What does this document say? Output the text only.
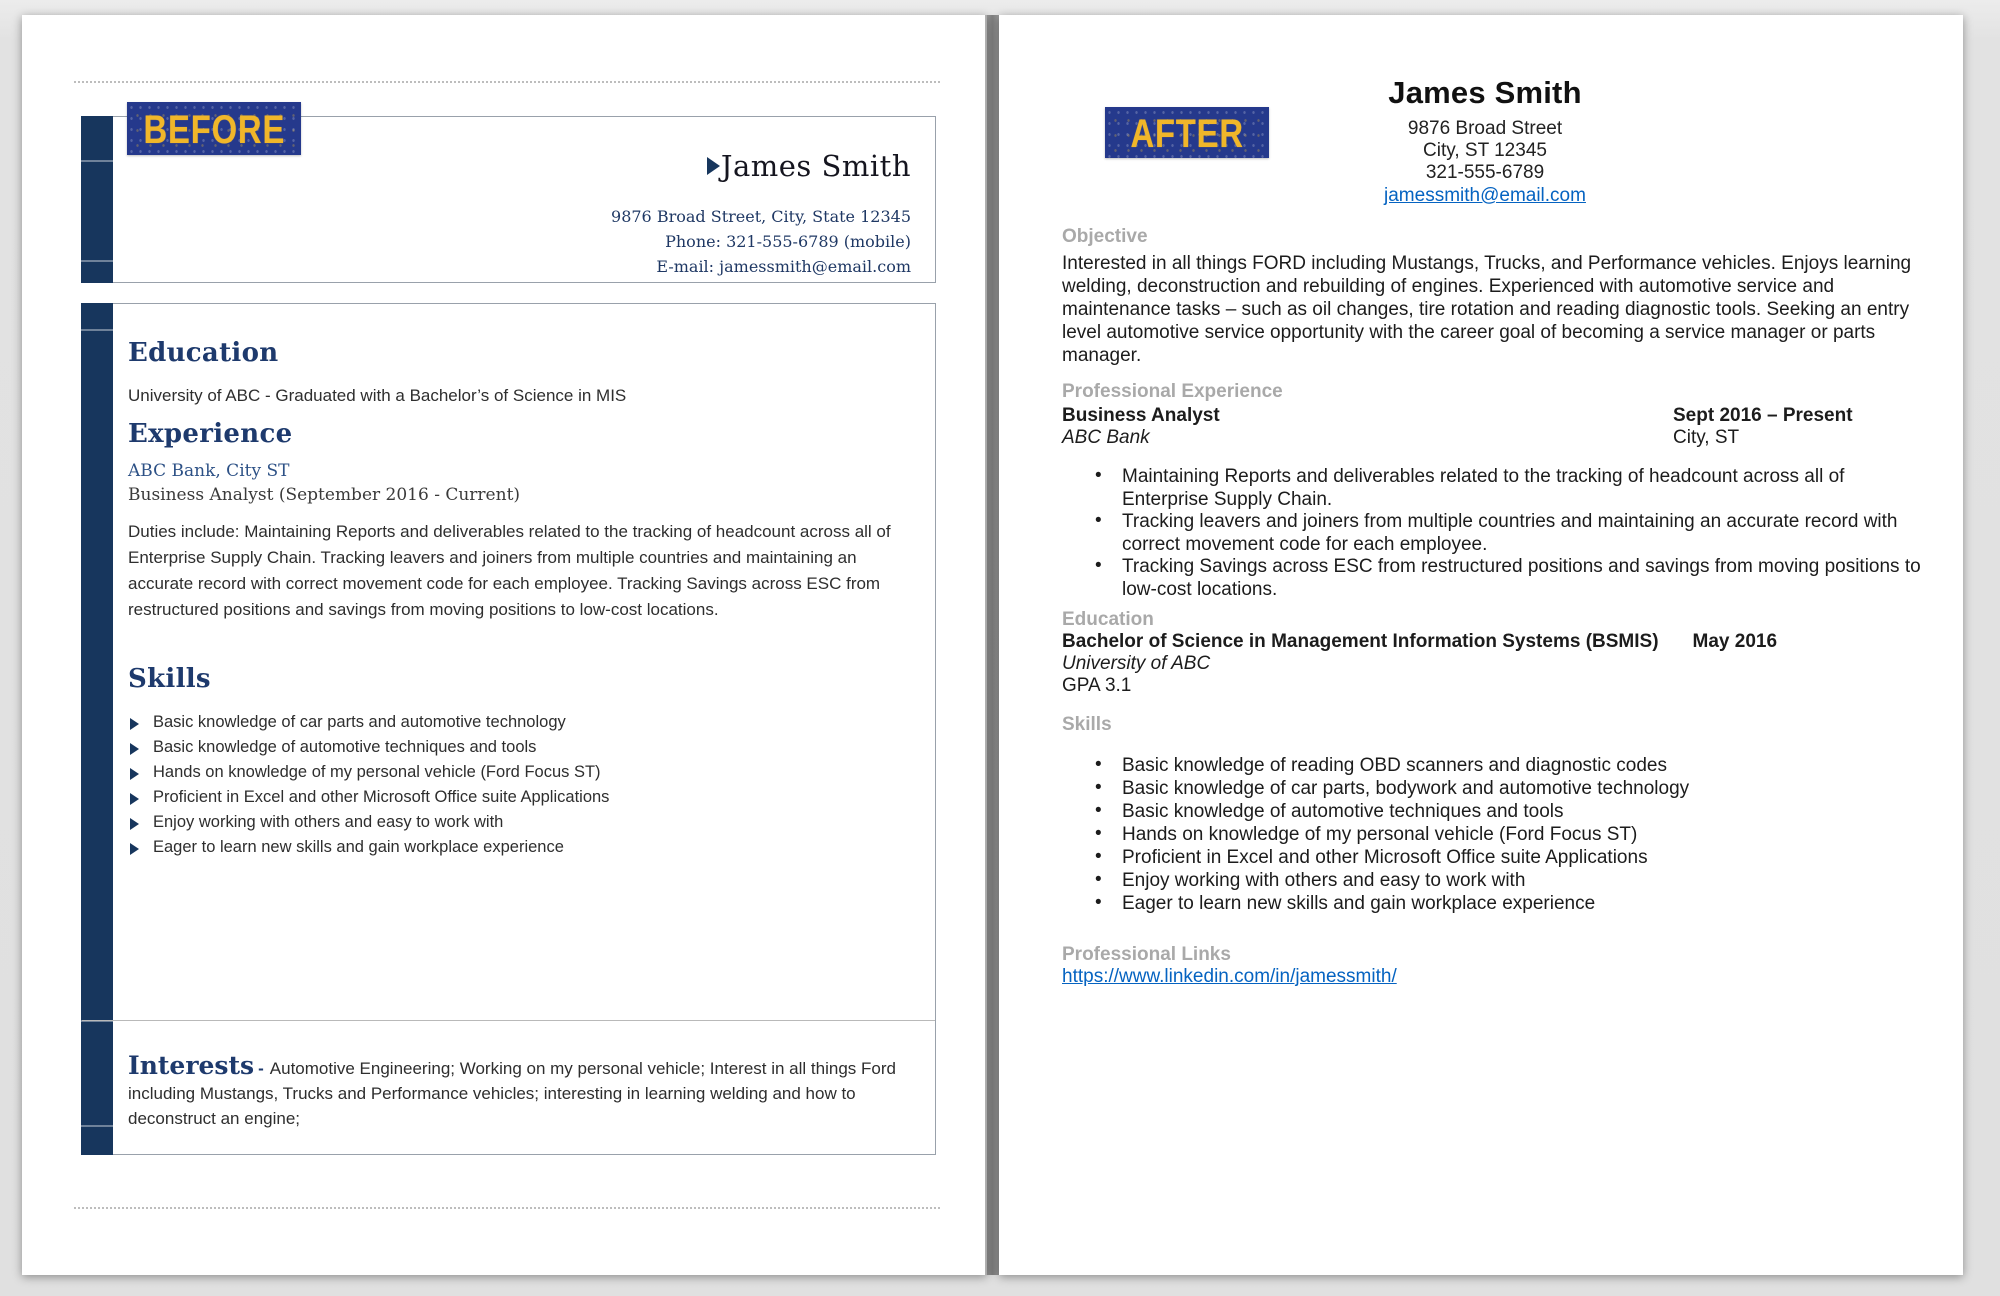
BEFORE
James Smith
9876 Broad Street, City, State 12345
Phone: 321-555-6789 (mobile)
E-mail: jamessmith@email.com
Education
University of ABC - Graduated with a Bachelor’s of Science in MIS
Experience
ABC Bank, City ST
Business Analyst (September 2016 - Current)
Duties include: Maintaining Reports and deliverables related to the tracking of headcount across all of Enterprise Supply Chain. Tracking leavers and joiners from multiple countries and maintaining an accurate record with correct movement code for each employee. Tracking Savings across ESC from restructured positions and savings from moving positions to low-cost locations.
Skills
Basic knowledge of car parts and automotive technology
Basic knowledge of automotive techniques and tools
Hands on knowledge of my personal vehicle (Ford Focus ST)
Proficient in Excel and other Microsoft Office suite Applications
Enjoy working with others and easy to work with
Eager to learn new skills and gain workplace experience
Interests - Automotive Engineering; Working on my personal vehicle; Interest in all things Ford including Mustangs, Trucks and Performance vehicles; interesting in learning welding and how to deconstruct an engine;
AFTER
James Smith
9876 Broad Street
City, ST 12345
321-555-6789
jamessmith@email.com
Objective
Interested in all things FORD including Mustangs, Trucks, and Performance vehicles. Enjoys learning welding, deconstruction and rebuilding of engines. Experienced with automotive service and maintenance tasks – such as oil changes, tire rotation and reading diagnostic tools. Seeking an entry level automotive service opportunity with the career goal of becoming a service manager or parts manager.
Professional Experience
Business Analyst	Sept 2016 – Present
ABC Bank	City, ST
• Maintaining Reports and deliverables related to the tracking of headcount across all of Enterprise Supply Chain.
• Tracking leavers and joiners from multiple countries and maintaining an accurate record with correct movement code for each employee.
• Tracking Savings across ESC from restructured positions and savings from moving positions to low-cost locations.
Education
Bachelor of Science in Management Information Systems (BSMIS) May 2016
University of ABC
GPA 3.1
Skills
• Basic knowledge of reading OBD scanners and diagnostic codes
• Basic knowledge of car parts, bodywork and automotive technology
• Basic knowledge of automotive techniques and tools
• Hands on knowledge of my personal vehicle (Ford Focus ST)
• Proficient in Excel and other Microsoft Office suite Applications
• Enjoy working with others and easy to work with
• Eager to learn new skills and gain workplace experience
Professional Links
https://www.linkedin.com/in/jamessmith/
